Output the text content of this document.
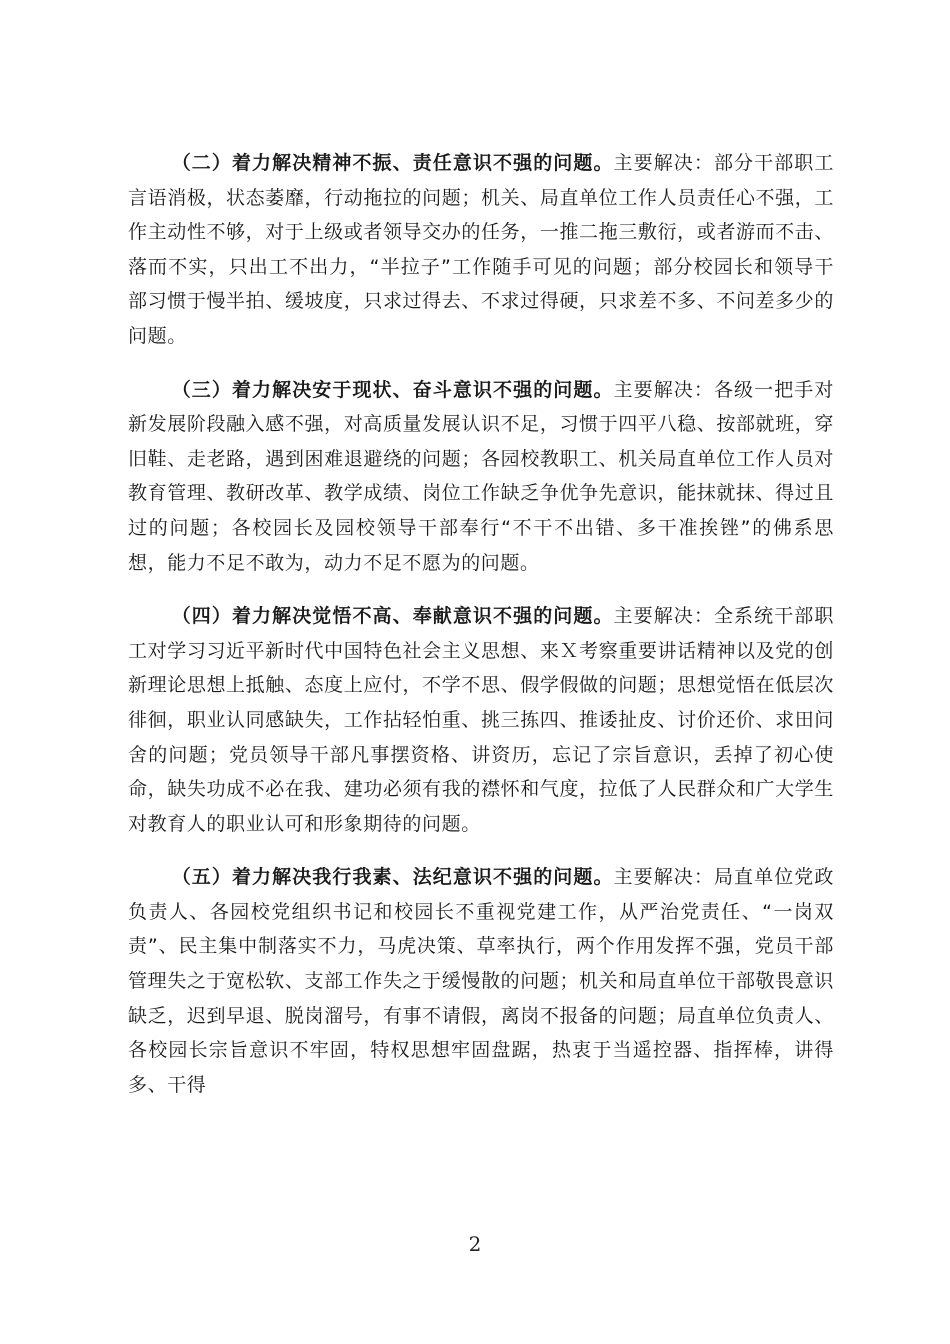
（二）着力解决精神不振、责任意识不强的问题。主要解决：部分干部职工言语消极，状态萎靡，行动拖拉的问题；机关、局直单位工作人员责任心不强，工作主动性不够，对于上级或者领导交办的任务，一推二拖三敷衍，或者游而不击、落而不实，只出工不出力，“半拉子”工作随手可见的问题；部分校园长和领导干部习惯于慢半拍、缓坡度，只求过得去、不求过得硬，只求差不多、不问差多少的问题。

（三）着力解决安于现状、奋斗意识不强的问题。主要解决：各级一把手对新发展阶段融入感不强，对高质量发展认识不足，习惯于四平八稳、按部就班，穿旧鞋、走老路，遇到困难退避绕的问题；各园校教职工、机关局直单位工作人员对教育管理、教研改革、教学成绩、岗位工作缺乏争优争先意识，能抹就抹、得过且过的问题；各校园长及园校领导干部奉行“不干不出错、多干准挨锉”的佛系思想，能力不足不敢为，动力不足不愿为的问题。

（四）着力解决觉悟不高、奉献意识不强的问题。主要解决：全系统干部职工对学习习近平新时代中国特色社会主义思想、来Ｘ考察重要讲话精神以及党的创新理论思想上抵触、态度上应付，不学不思、假学假做的问题；思想觉悟在低层次徘徊，职业认同感缺失，工作拈轻怕重、挑三拣四、推诿扯皮、讨价还价、求田问舍的问题；党员领导干部凡事摆资格、讲资历，忘记了宗旨意识，丢掉了初心使命，缺失功成不必在我、建功必须有我的襟怀和气度，拉低了人民群众和广大学生对教育人的职业认可和形象期待的问题。

（五）着力解决我行我素、法纪意识不强的问题。主要解决：局直单位党政负责人、各园校党组织书记和校园长不重视党建工作，从严治党责任、“一岗双责”、民主集中制落实不力，马虎决策、草率执行，两个作用发挥不强，党员干部管理失之于宽松软、支部工作失之于缓慢散的问题；机关和局直单位干部敬畏意识缺乏，迟到早退、脱岗溜号，有事不请假，离岗不报备的问题；局直单位负责人、各校园长宗旨意识不牢固，特权思想牢固盘踞，热衷于当遥控器、指挥棒，讲得多、干得

2
